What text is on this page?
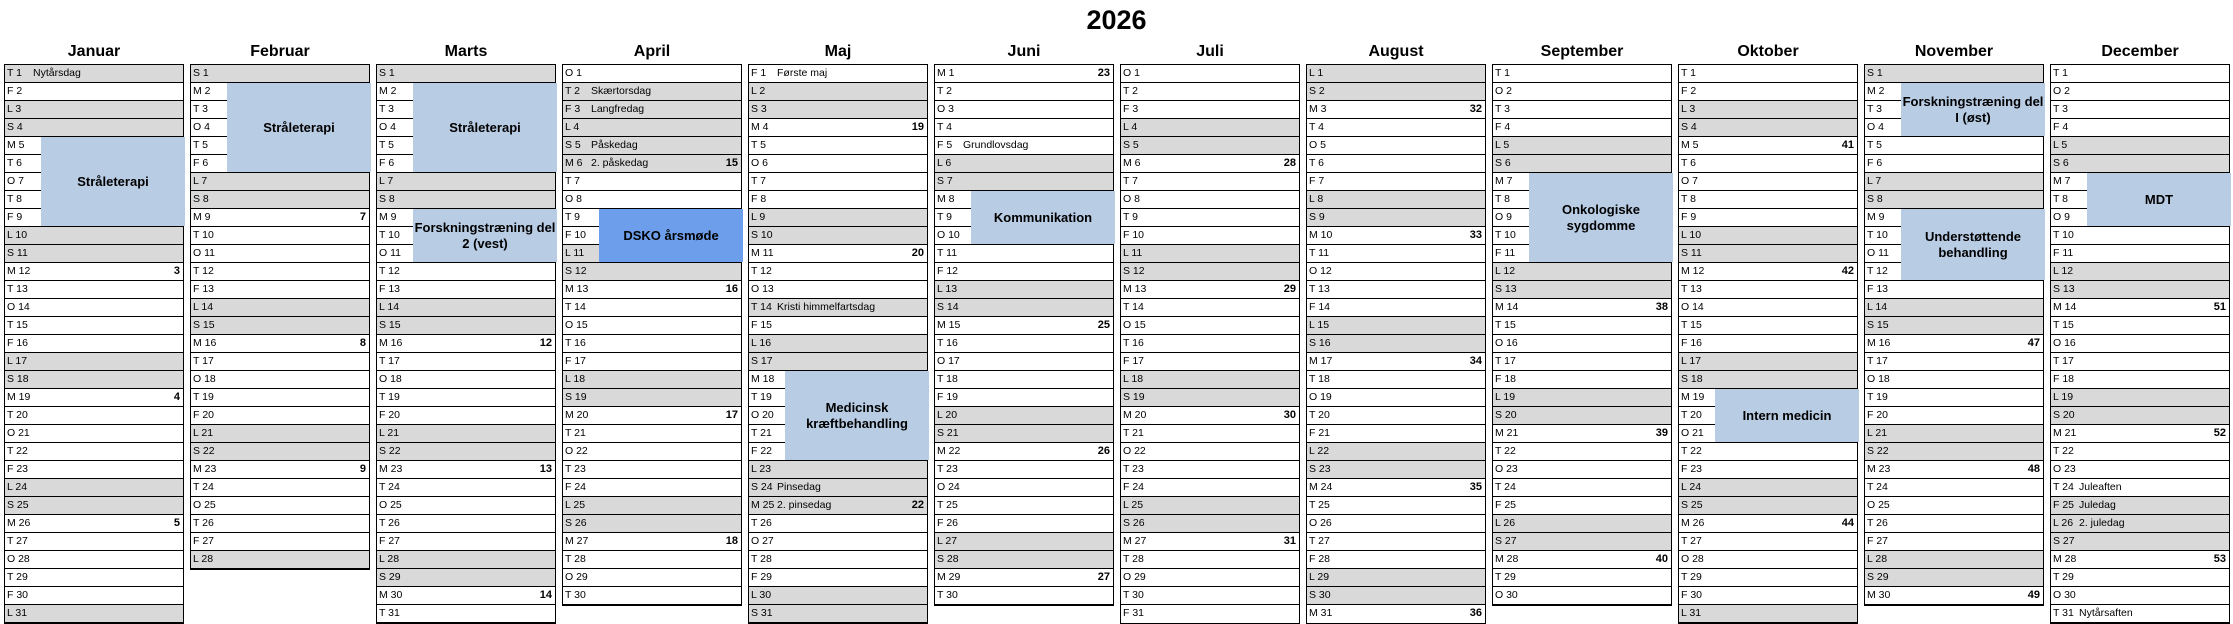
2026
Januar
T 1	Nytårsdag
F 2
L 3
S 4
M 5
T 6
O 7
T 8
F 9
L 10
S 11
M 12	3
T 13
O 14
T 15
F 16
L 17
S 18
M 19	4
T 20
O 21
T 22
F 23
L 24
S 25
M 26	5
T 27
O 28
T 29
F 30
L 31
Stråleterapi
Februar
S 1
M 2
T 3
O 4
T 5
F 6
L 7
S 8
M 9	7
T 10
O 11
T 12
F 13
L 14
S 15
M 16	8
T 17
O 18
T 19
F 20
L 21
S 22
M 23	9
T 24
O 25
T 26
F 27
L 28
Stråleterapi
Marts
S 1
M 2
T 3
O 4
T 5
F 6
L 7
S 8
M 9
T 10
O 11
T 12
F 13
L 14
S 15
M 16	12
T 17
O 18
T 19
F 20
L 21
S 22
M 23	13
T 24
O 25
T 26
F 27
L 28
S 29
M 30	14
T 31
Stråleterapi
Forskningstræning del 2 (vest)
April
O 1
T 2	Skærtorsdag
F 3	Langfredag
L 4
S 5 Påskedag
M 6 2. påskedag	15
T 7
O 8
T 9
F 10
L 11
S 12
M 13	16
T 14
O 15
T 16
F 17
L 18
S 19
M 20	17
T 21
O 22
T 23
F 24
L 25
S 26
M 27	18
T 28
O 29
T 30
DSKO årsmøde
Maj
F 1	Første maj
L 2
S 3
M 4	19
T 5
O 6
T 7
F 8
L 9
S 10
M 11	20
T 12
O 13
T 14 Kristi himmelfartsdag
F 15
L 16
S 17
M 18
T 19
O 20
T 21
F 22
L 23
S 24 Pinsedag
M 25 2. pinsedag	22
T 26
O 27
T 28
F 29
L 30
S 31
Medicinsk kræftbehandling
Juni
M 1	23
T 2
O 3
T 4
F 5	Grundlovsdag
L 6
S 7
M 8
T 9
O 10
T 11
F 12
L 13
S 14
M 15	25
T 16
O 17
T 18
F 19
L 20
S 21
M 22	26
T 23
O 24
T 25
F 26
L 27
S 28
M 29	27
T 30
Kommunikation
Juli
O 1
T 2
F 3
L 4
S 5
M 6	28
T 7
O 8
T 9
F 10
L 11
S 12
M 13	29
T 14
O 15
T 16
F 17
L 18
S 19
M 20	30
T 21
O 22
T 23
F 24
L 25
S 26
M 27	31
T 28
O 29
T 30
F 31
August
L 1
S 2
M 3	32
T 4
O 5
T 6
F 7
L 8
S 9
M 10	33
T 11
O 12
T 13
F 14
L 15
S 16
M 17	34
T 18
O 19
T 20
F 21
L 22
S 23
M 24	35
T 25
O 26
T 27
F 28
L 29
S 30
M 31	36
September
T 1
O 2
T 3
F 4
L 5
S 6
M 7
T 8
O 9
T 10
F 11
L 12
S 13
M 14	38
T 15
O 16
T 17
F 18
L 19
S 20
M 21	39
T 22
O 23
T 24
F 25
L 26
S 27
M 28	40
T 29
O 30
Onkologiske sygdomme
Oktober
T 1
F 2
L 3
S 4
M 5	41
T 6
O 7
T 8
F 9
L 10
S 11
M 12	42
T 13
O 14
T 15
F 16
L 17
S 18
M 19
T 20
O 21
T 22
F 23
L 24
S 25
M 26	44
T 27
O 28
T 29
F 30
L 31
Intern medicin
November
S 1
M 2
T 3
O 4
T 5
F 6
L 7
S 8
M 9
T 10
O 11
T 12
F 13
L 14
S 15
M 16	47
T 17
O 18
T 19
F 20
L 21
S 22
M 23	48
T 24
O 25
T 26
F 27
L 28
S 29
M 30	49
Forskningstræning del I (øst)
Understøttende behandling
December
T 1
O 2
T 3
F 4
L 5
S 6
M 7
T 8
O 9
T 10
F 11
L 12
S 13
M 14	51
T 15
O 16
T 17
F 18
L 19
S 20
M 21	52
T 22
O 23
T 24 Juleaften
F 25 Juledag
L 26 2. juledag
S 27
M 28	53
T 29
O 30
T 31 Nytårsaften
MDT
